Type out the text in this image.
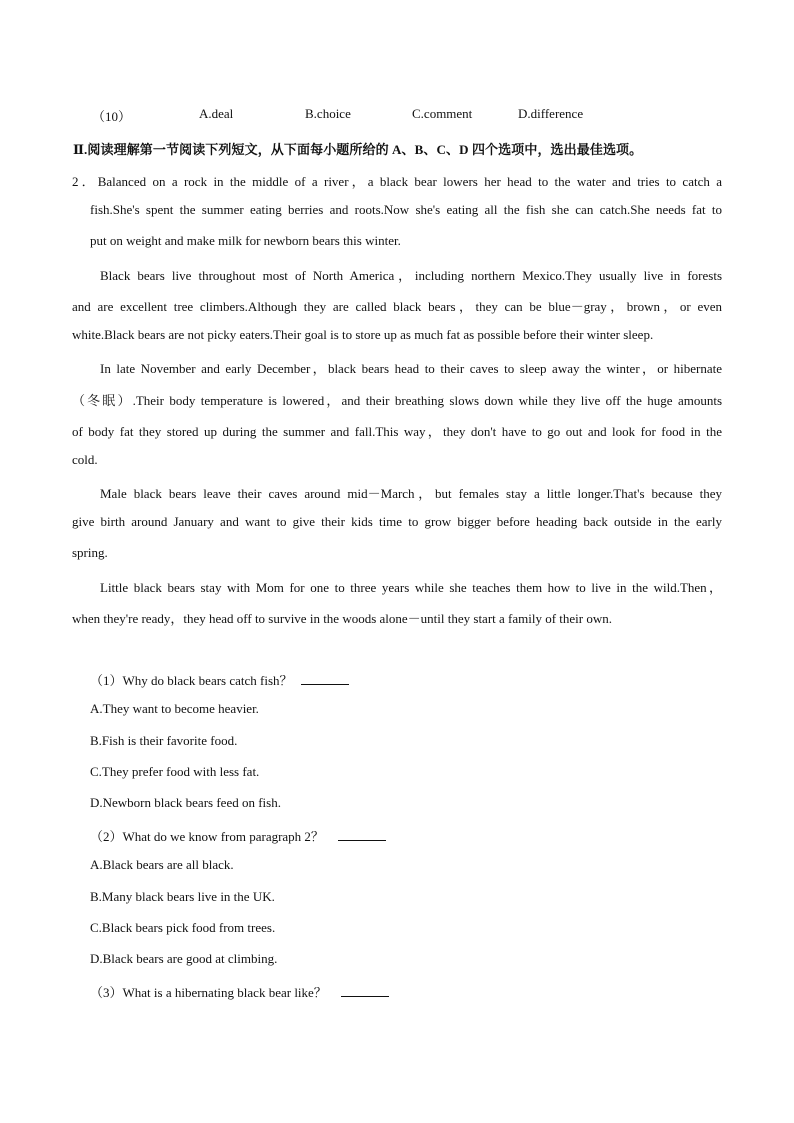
（10）	A.deal	B.choice	C.comment	D.difference
Ⅱ.阅读理解第一节阅读下列短文，从下面每小题所给的 A、B、C、D 四个选项中，选出最佳选项。
2．Balanced on a rock in the middle of a river，a black bear lowers her head to the water and tries to catch a
fish.She's spent the summer eating berries and roots.Now she's eating all the fish she can catch.She needs fat to
put on weight and make milk for newborn bears this winter.
Black bears live throughout most of North America，including northern Mexico.They usually live in forests
and are excellent tree climbers.Although they are called black bears，they can be blue－gray，brown，or even
white.Black bears are not picky eaters.Their goal is to store up as much fat as possible before their winter sleep.
In late November and early December，black bears head to their caves to sleep away the winter，or hibernate
（冬眠）.Their body temperature is lowered，and their breathing slows down while they live off the huge amounts
of body fat they stored up during the summer and fall.This way，they don't have to go out and look for food in the
cold.
Male black bears leave their caves around mid－March，but females stay a little longer.That's because they
give birth around January and want to give their kids time to grow bigger before heading back outside in the early
spring.
Little black bears stay with Mom for one to three years while she teaches them how to live in the wild.Then，
when they're ready，they head off to survive in the woods alone－until they start a family of their own.
（1）Why do black bears catch fish？
A.They want to become heavier.
B.Fish is their favorite food.
C.They prefer food with less fat.
D.Newborn black bears feed on fish.
（2）What do we know from paragraph 2？
A.Black bears are all black.
B.Many black bears live in the UK.
C.Black bears pick food from trees.
D.Black bears are good at climbing.
（3）What is a hibernating black bear like？
